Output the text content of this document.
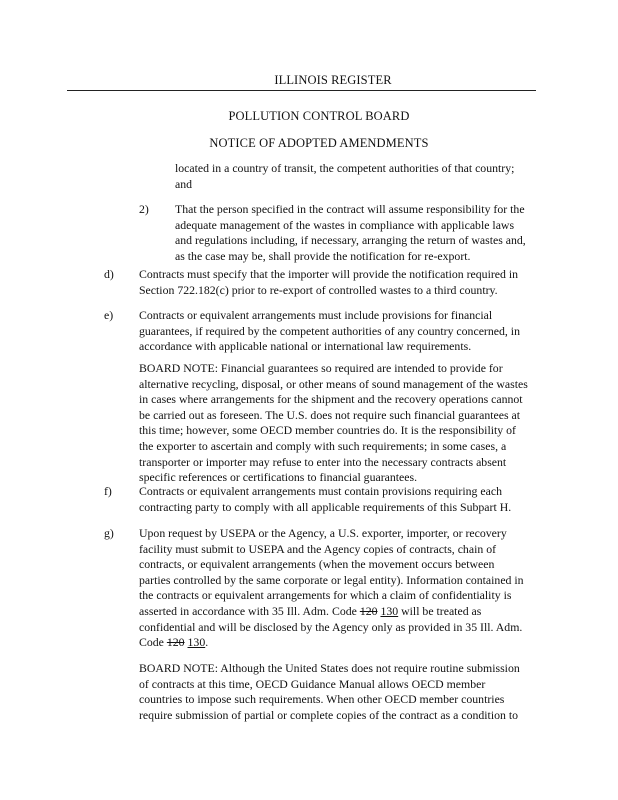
ILLINOIS REGISTER
POLLUTION CONTROL BOARD
NOTICE OF ADOPTED AMENDMENTS
located in a country of transit, the competent authorities of that country;
and
2) That the person specified in the contract will assume responsibility for the
adequate management of the wastes in compliance with applicable laws
and regulations including, if necessary, arranging the return of wastes and,
as the case may be, shall provide the notification for re-export.
d) Contracts must specify that the importer will provide the notification required in
Section 722.182(c) prior to re-export of controlled wastes to a third country.
e) Contracts or equivalent arrangements must include provisions for financial
guarantees, if required by the competent authorities of any country concerned, in
accordance with applicable national or international law requirements.
BOARD NOTE: Financial guarantees so required are intended to provide for
alternative recycling, disposal, or other means of sound management of the wastes
in cases where arrangements for the shipment and the recovery operations cannot
be carried out as foreseen. The U.S. does not require such financial guarantees at
this time; however, some OECD member countries do. It is the responsibility of
the exporter to ascertain and comply with such requirements; in some cases, a
transporter or importer may refuse to enter into the necessary contracts absent
specific references or certifications to financial guarantees.
f) Contracts or equivalent arrangements must contain provisions requiring each
contracting party to comply with all applicable requirements of this Subpart H.
g) Upon request by USEPA or the Agency, a U.S. exporter, importer, or recovery
facility must submit to USEPA and the Agency copies of contracts, chain of
contracts, or equivalent arrangements (when the movement occurs between
parties controlled by the same corporate or legal entity). Information contained in
the contracts or equivalent arrangements for which a claim of confidentiality is
asserted in accordance with 35 Ill. Adm. Code 120 130 will be treated as
confidential and will be disclosed by the Agency only as provided in 35 Ill. Adm.
Code 120 130.
BOARD NOTE: Although the United States does not require routine submission
of contracts at this time, OECD Guidance Manual allows OECD member
countries to impose such requirements. When other OECD member countries
require submission of partial or complete copies of the contract as a condition to
